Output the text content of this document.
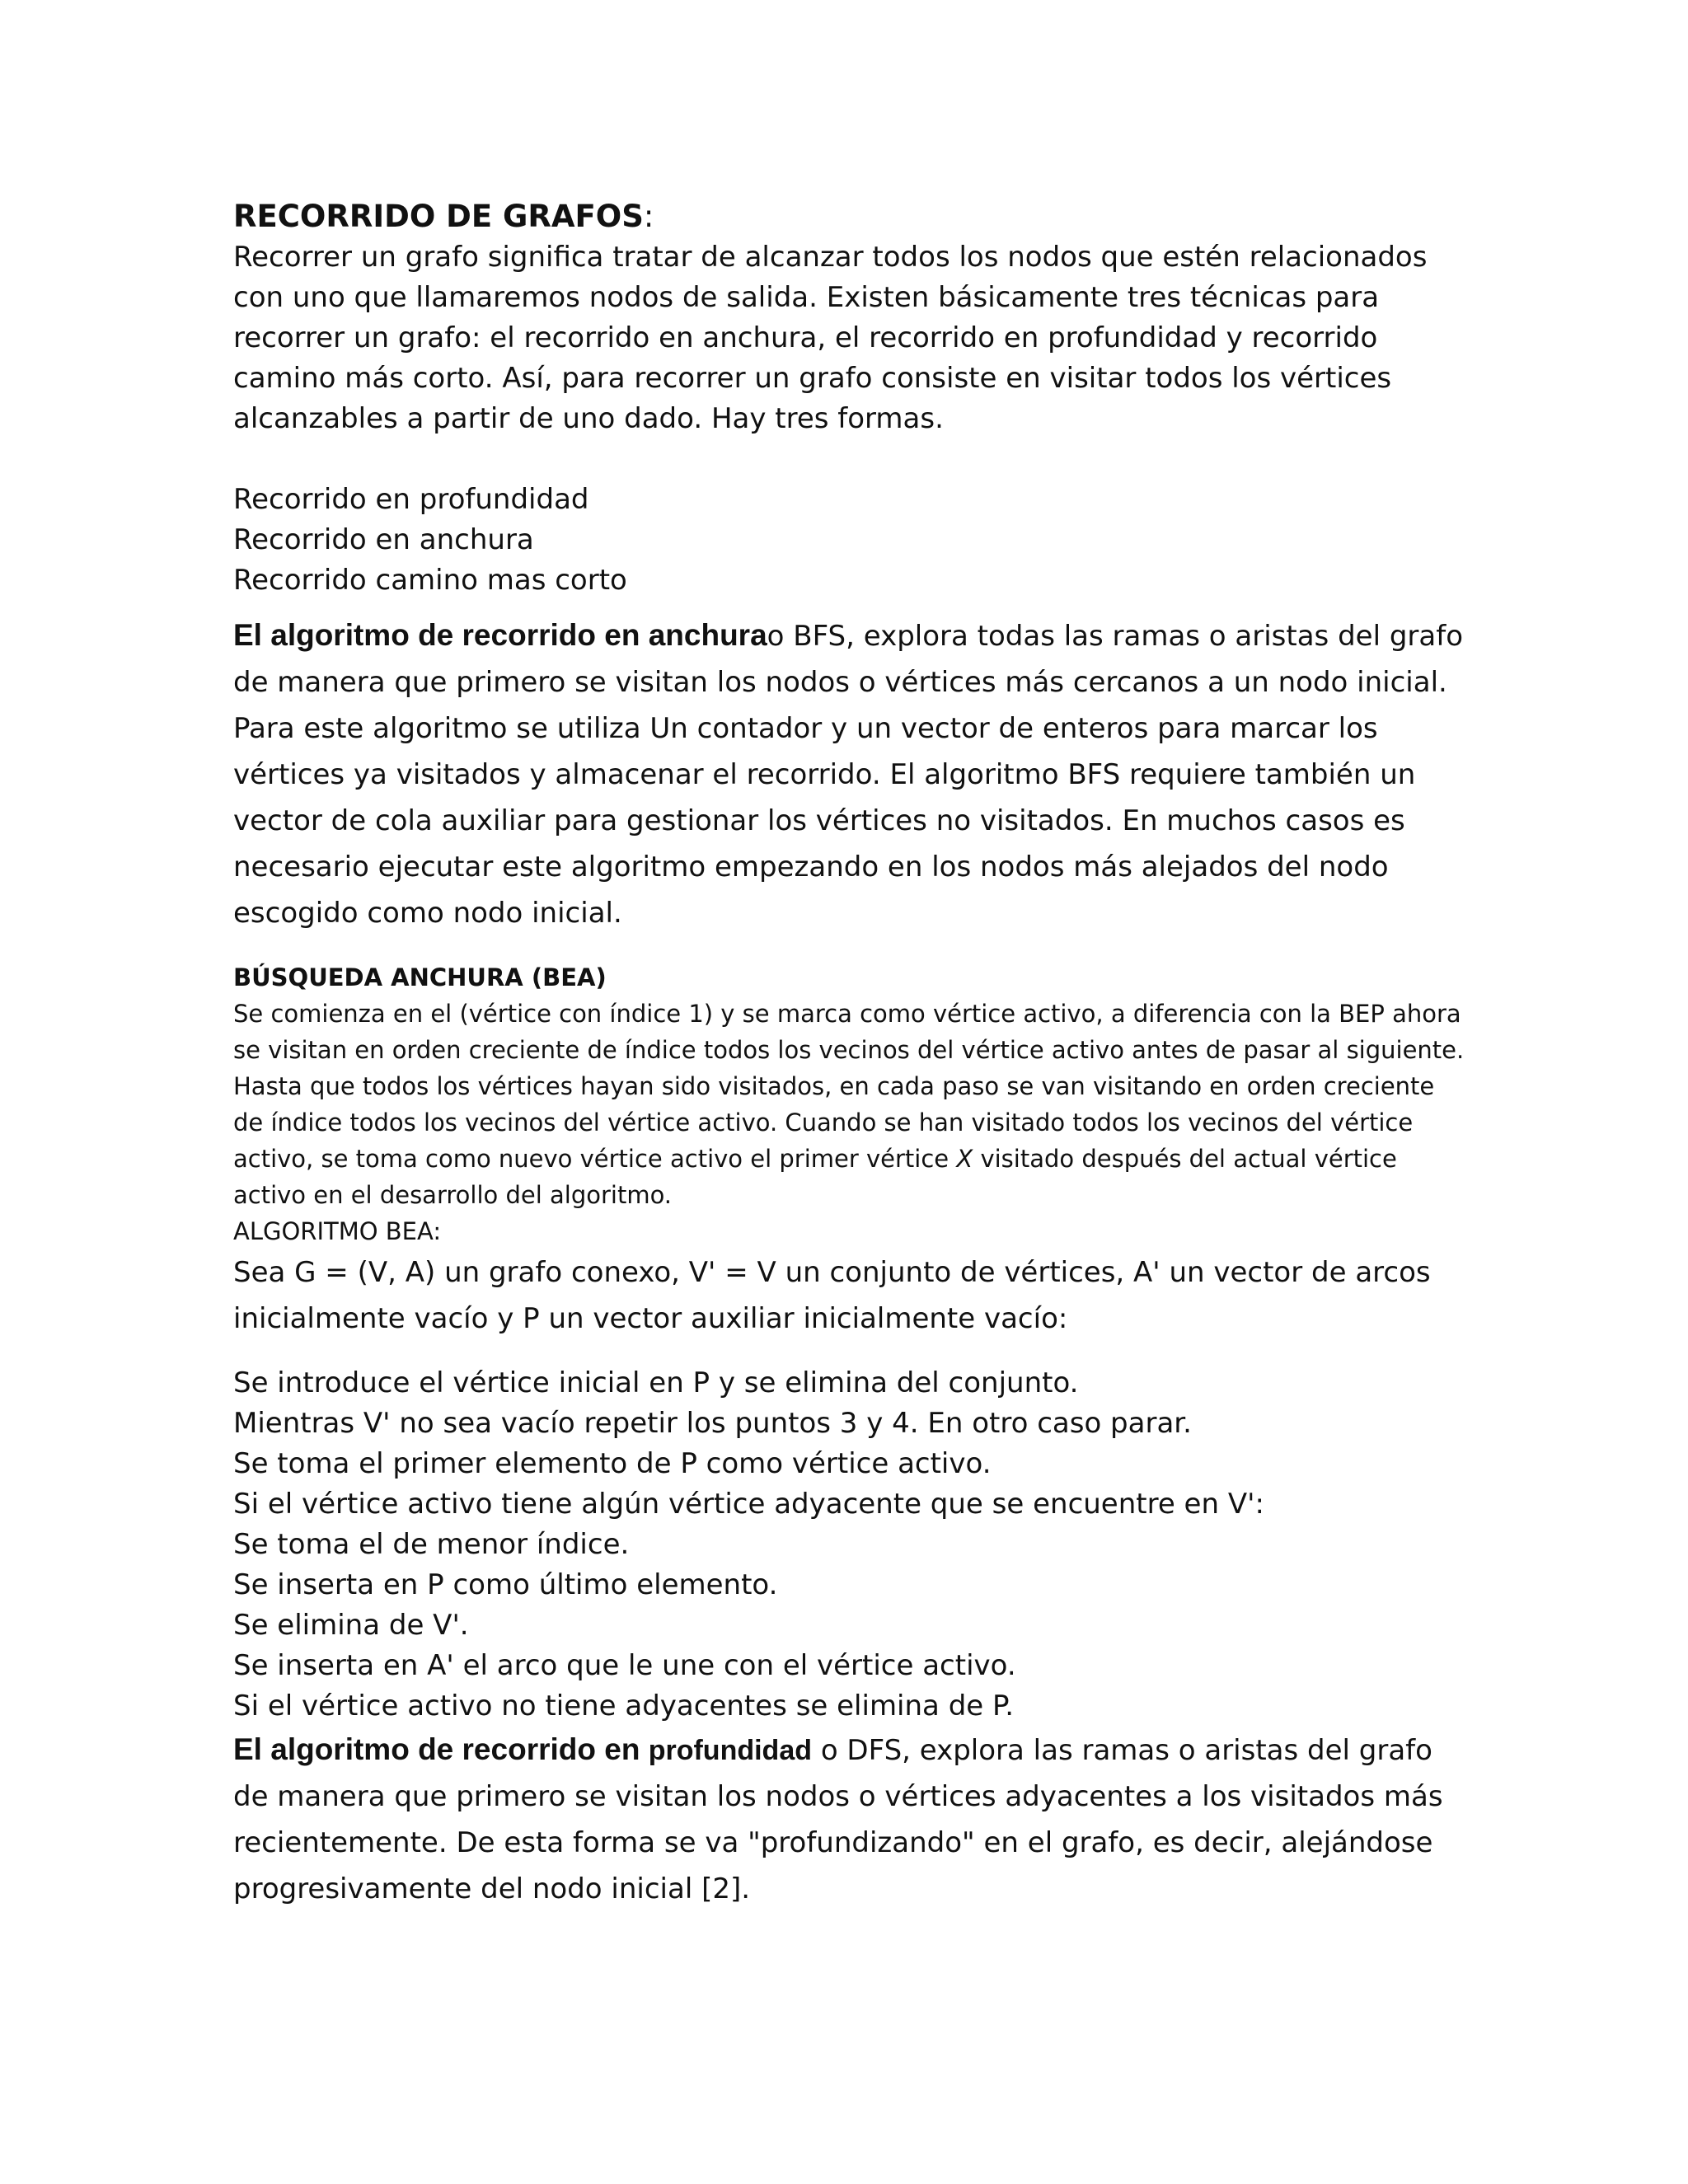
RECORRIDO DE GRAFOS:

Recorrer un grafo significa tratar de alcanzar todos los nodos que estén relacionados con uno que llamaremos nodos de salida. Existen básicamente tres técnicas para recorrer un grafo: el recorrido en anchura, el recorrido en profundidad y recorrido camino más corto. Así, para recorrer un grafo consiste en visitar todos los vértices alcanzables a partir de uno dado. Hay tres formas.

Recorrido en profundidad

Recorrido en anchura

Recorrido camino mas corto

El algoritmo de recorrido en anchurao BFS, explora todas las ramas o aristas del grafo de manera que primero se visitan los nodos o vértices más cercanos a un nodo inicial. Para este algoritmo se utiliza Un contador y un vector de enteros para marcar los vértices ya visitados y almacenar el recorrido. El algoritmo BFS requiere también un vector de cola auxiliar para gestionar los vértices no visitados. En muchos casos es necesario ejecutar este algoritmo empezando en los nodos más alejados del nodo escogido como nodo inicial.

BÚSQUEDA ANCHURA (BEA)

Se comienza en el (vértice con índice 1) y se marca como vértice activo, a diferencia con la BEP ahora se visitan en orden creciente de índice todos los vecinos del vértice activo antes de pasar al siguiente. Hasta que todos los vértices hayan sido visitados, en cada paso se van visitando en orden creciente de índice todos los vecinos del vértice activo. Cuando se han visitado todos los vecinos del vértice activo, se toma como nuevo vértice activo el primer vértice X visitado después del actual vértice activo en el desarrollo del algoritmo.

ALGORITMO BEA:

Sea G = (V, A) un grafo conexo, V' = V un conjunto de vértices, A' un vector de arcos inicialmente vacío y P un vector auxiliar inicialmente vacío:

Se introduce el vértice inicial en P y se elimina del conjunto.

Mientras V' no sea vacío repetir los puntos 3 y 4. En otro caso parar.

Se toma el primer elemento de P como vértice activo.

Si el vértice activo tiene algún vértice adyacente que se encuentre en V':

Se toma el de menor índice.

Se inserta en P como último elemento.

Se elimina de V'.

Se inserta en A' el arco que le une con el vértice activo.

Si el vértice activo no tiene adyacentes se elimina de P.

El algoritmo de recorrido en profundidad o DFS, explora las ramas o aristas del grafo de manera que primero se visitan los nodos o vértices adyacentes a los visitados más recientemente. De esta forma se va "profundizando" en el grafo, es decir, alejándose progresivamente del nodo inicial [2].
